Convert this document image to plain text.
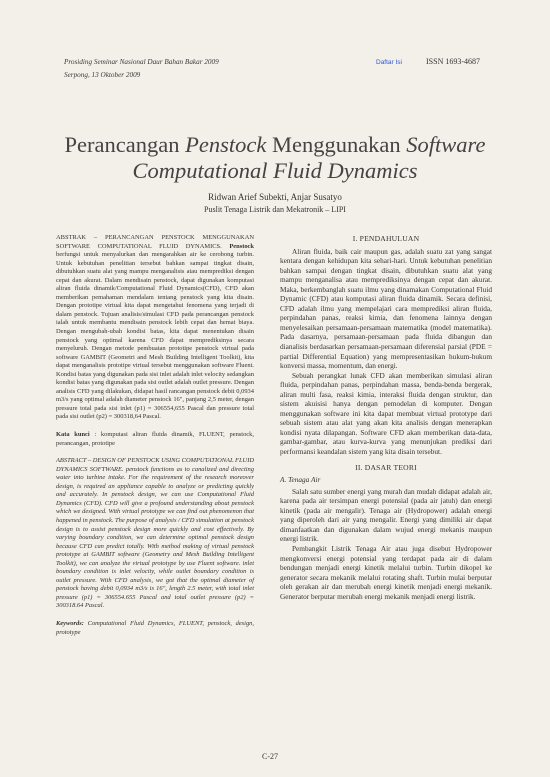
Prosiding Seminar Nasional Daur Bahan Bakar 2009
Serpong, 13 Oktober 2009
Daftar Isi	ISSN 1693-4687
Perancangan Penstock Menggunakan Software
Computational Fluid Dynamics
Ridwan Arief Subekti, Anjar Susatyo
Puslit Tenaga Listrik dan Mekatronik – LIPI

ABSTRAK – PERANCANGAN PENSTOCK MENGGUNAKAN SOFTWARE COMPUTATIONAL FLUID DYNAMICS. Penstock berfungsi untuk menyalurkan dan mengarahkan air ke cerobong turbin. Untuk kebutuhan penelitian tersebut bahkan sampai tingkat disain, dibutuhkan suatu alat yang mampu menganalisis atau memprediksi dengan cepat dan akurat. Dalam mendisain penstock, dapat digunakan komputasi aliran fluida dinamik/Computational Fluid Dynamics(CFD), CFD akan memberikan pemahaman mendalam tentang penstock yang kita disain. Dengan prototipe virtual kita dapat mengetahui fenomena yang terjadi di dalam penstock. Tujuan analisis/simulasi CFD pada perancangan penstock ialah untuk membantu mendisain penstock lebih cepat dan hemat biaya. Dengan mengubah-ubah kondisi batas, kita dapat menentukan disain penstock yang optimal karena CFD dapat memprediksinya secara menyeluruh. Dengan metode pembuatan prototipe penstock virtual pada software GAMBIT (Geometri and Mesh Building Intelligent Toolkit), kita dapat menganalisis prototipe virtual tersebut menggunakan software Fluent. Kondisi batas yang digunakan pada sisi inlet adalah inlet velocity sedangkan kondisi batas yang digunakan pada sisi outlet adalah outlet pressure. Dengan analisis CFD yang dilakukan, didapat hasil rancangan penstock debit 0,0934 m3/s yang optimal adalah diameter penstock 16", panjang 2,5 meter, dengan pressure total pada sisi inlet (p1) = 306554,655 Pascal dan pressure total pada sisi outlet (p2) = 300318,64 Pascal.

Kata kunci : komputasi aliran fluida dinamik, FLUENT, penstock, perancangan, prototipe

ABSTRACT – DESIGN OF PENSTOCK USING COMPUTATIONAL FLUID DYNAMICS SOFTWARE. penstock functions as to canalized and directing water into turbine intake. For the requirement of the research moreover design, is required an appliance capable to analyze or predicting quickly and accurately. In penstock design, we can use Computational Fluid Dynamics (CFD). CFD will give a profound understanding about penstock which we designed. With virtual prototype we can find out phenomenon that happened in penstock. The purpose of analysis / CFD simulation at penstock design is to assist penstock design more quickly and cost effectively. By varying boundary condition, we can determine optimal penstock design because CFD can predict totally. With method making of virtual penstock prototype at GAMBIT software (Geometry and Mesh Building Intelligent Toolkit), we can analyze the virtual prototype by use Fluent software. inlet boundary condition is inlet velocity, while outlet boundary condition is outlet pressure. With CFD analysis, we got that the optimal diameter of penstock having debit 0,0934 m3/s is 16", length 2.5 meter, with total inlet pressure (p1) = 306554.655 Pascal and total outlet pressure (p2) = 300318.64 Pascal.

Keywords: Computational Fluid Dynamics, FLUENT, penstock, design, prototype

I. PENDAHULUAN

Aliran fluida, baik cair maupun gas, adalah suatu zat yang sangat kentara dengan kehidupan kita sehari-hari. Untuk kebutuhan penelitian bahkan sampai dengan tingkat disain, dibutuhkan suatu alat yang mampu menganalisa atau memprediksinya dengan cepat dan akurat. Maka, berkembanglah suatu ilmu yang dinamakan Computational Fluid Dynamic (CFD) atau komputasi aliran fluida dinamik. Secara definisi, CFD adalah ilmu yang mempelajari cara memprediksi aliran fluida, perpindahan panas, reaksi kimia, dan fenomena lainnya dengan menyelesaikan persamaan-persamaan matematika (model matematika). Pada dasarnya, persamaan-persamaan pada fluida dibangun dan dianalisis berdasarkan persamaan-persamaan diferensial parsial (PDE = partial Differential Equation) yang mempresentasikan hukum-hukum konversi massa, momentum, dan energi.

Sebuah perangkat lunak CFD akan memberikan simulasi aliran fluida, perpindahan panas, perpindahan massa, benda-benda bergerak, aliran multi fasa, reaksi kimia, interaksi fluida dengan struktur, dan sistem akuisisi hanya dengan pemodelan di komputer. Dengan menggunakan software ini kita dapat membuat virtual prototype dari sebuah sistem atau alat yang akan kita analisis dengan menerapkan kondisi nyata dilapangan. Software CFD akan memberikan data-data, gambar-gambar, atau kurva-kurva yang menunjukan prediksi dari performansi keandalan sistem yang kita disain tersebut.

II. DASAR TEORI
A. Tenaga Air

Salah satu sumber energi yang murah dan mudah didapat adalah air, karena pada air tersimpan energi potensial (pada air jatuh) dan energi kinetik (pada air mengalir). Tenaga air (Hydropower) adalah energi yang diperoleh dari air yang mengalir. Energi yang dimiliki air dapat dimanfaatkan dan digunakan dalam wujud energi mekanis maupun energi listrik.

Pembangkit Listrik Tenaga Air atau juga disebut Hydropower mengkonversi energi potensial yang terdapat pada air di dalam bendungan menjadi energi kinetik melalui turbin. Turbin dikopel ke generator secara mekanik melalui rotating shaft. Turbin mulai berputar oleh gerakan air dan merubah energi kinetik menjadi energi mekanik. Generator berputar merubah energi mekanik menjadi energi listrik.

C-27
